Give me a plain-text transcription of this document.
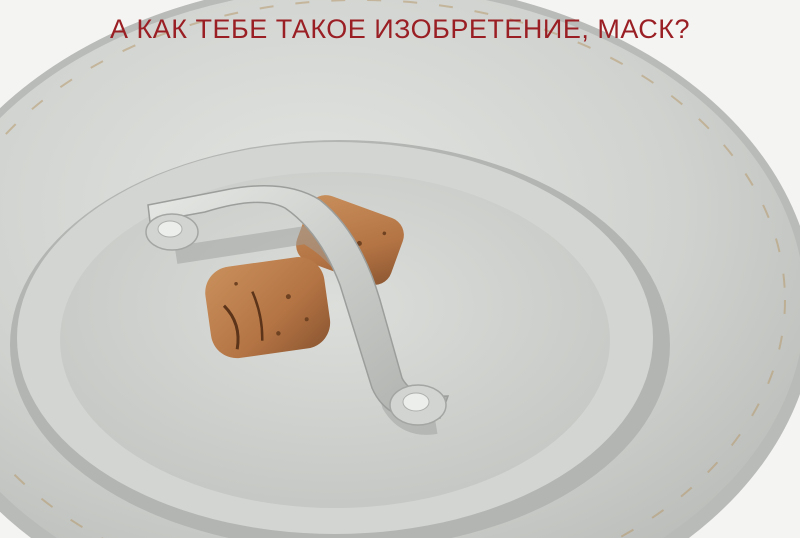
А КАК ТЕБЕ ТАКОЕ ИЗОБРЕТЕНИЕ, МАСК?
